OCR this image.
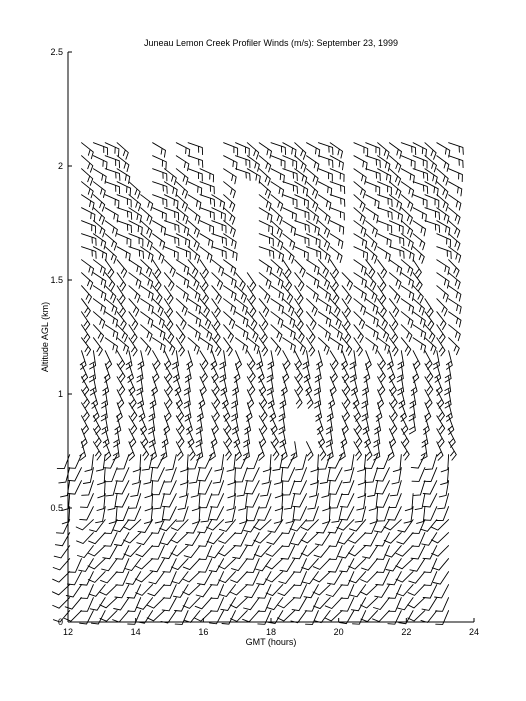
Juneau Lemon Creek Profiler Winds (m/s): September 23, 1999
12	14	16	18	20	22	24
0
0.5
1
1.5
2
2.5
GMT (hours)
Altitude AGL (km)
